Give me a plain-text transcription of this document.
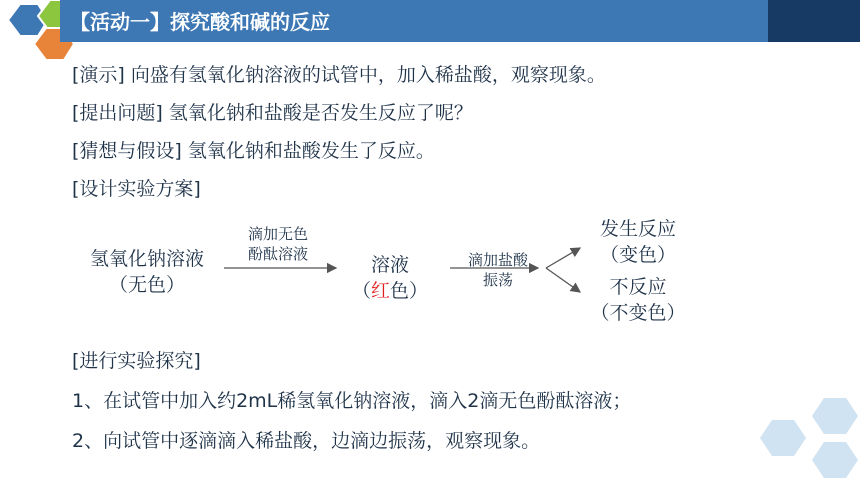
【活动一】探究酸和碱的反应
[演示] 向盛有氢氧化钠溶液的试管中，加入稀盐酸，观察现象。
[提出问题] 氢氧化钠和盐酸是否发生反应了呢？
[猜想与假设] 氢氧化钠和盐酸发生了反应。
[设计实验方案]
氢氧化钠溶液
（无色）
滴加无色
酚酞溶液	溶液
（红色）
滴加盐酸
振荡
发生反应
（变色）
不反应
（不变色）
[进行实验探究]
1、在试管中加入约2mL稀氢氧化钠溶液，滴入2滴无色酚酞溶液；
2、向试管中逐滴滴入稀盐酸，边滴边振荡，观察现象。
